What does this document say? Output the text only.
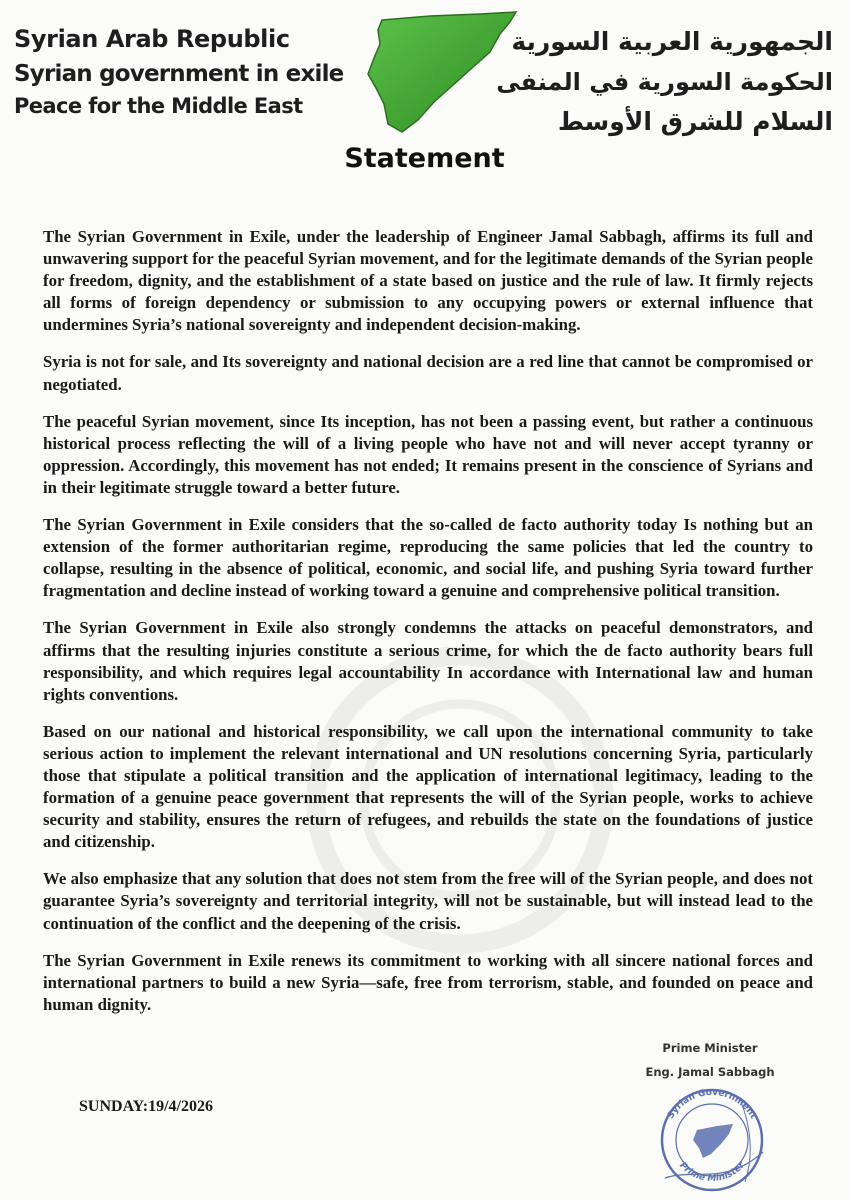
Syrian Arab Republic
Syrian government in exile
Peace for the Middle East
الجمهورية العربية السورية
الحكومة السورية في المنفى
السلام للشرق الأوسط
Statement

The Syrian Government in Exile, under the leadership of Engineer Jamal Sabbagh, affirms its full and unwavering support for the peaceful Syrian movement, and for the legitimate demands of the Syrian people for freedom, dignity, and the establishment of a state based on justice and the rule of law. It firmly rejects all forms of foreign dependency or submission to any occupying powers or external influence that undermines Syria’s national sovereignty and independent decision-making.

Syria is not for sale, and Its sovereignty and national decision are a red line that cannot be compromised or negotiated.

The peaceful Syrian movement, since Its inception, has not been a passing event, but rather a continuous historical process reflecting the will of a living people who have not and will never accept tyranny or oppression. Accordingly, this movement has not ended; It remains present in the conscience of Syrians and in their legitimate struggle toward a better future.

The Syrian Government in Exile considers that the so-called de facto authority today Is nothing but an extension of the former authoritarian regime, reproducing the same policies that led the country to collapse, resulting in the absence of political, economic, and social life, and pushing Syria toward further fragmentation and decline instead of working toward a genuine and comprehensive political transition.

The Syrian Government in Exile also strongly condemns the attacks on peaceful demonstrators, and affirms that the resulting injuries constitute a serious crime, for which the de facto authority bears full responsibility, and which requires legal accountability In accordance with International law and human rights conventions.

Based on our national and historical responsibility, we call upon the international community to take serious action to implement the relevant international and UN resolutions concerning Syria, particularly those that stipulate a political transition and the application of international legitimacy, leading to the formation of a genuine peace government that represents the will of the Syrian people, works to achieve security and stability, ensures the return of refugees, and rebuilds the state on the foundations of justice and citizenship.

We also emphasize that any solution that does not stem from the free will of the Syrian people, and does not guarantee Syria’s sovereignty and territorial integrity, will not be sustainable, but will instead lead to the continuation of the conflict and the deepening of the crisis.

The Syrian Government in Exile renews its commitment to working with all sincere national forces and international partners to build a new Syria—safe, free from terrorism, stable, and founded on peace and human dignity.

Prime Minister
Eng. Jamal Sabbagh
SUNDAY:19/4/2026
Syrian Government
Prime Minister
